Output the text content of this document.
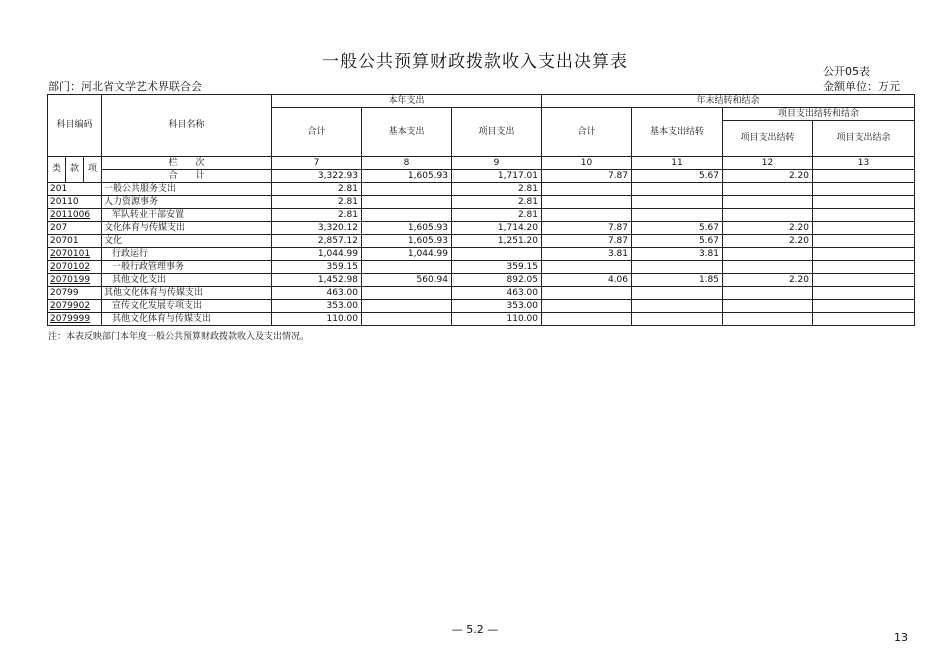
一般公共预算财政拨款收入支出决算表	公开05表
部门：河北省文学艺术界联合会	金额单位：万元
科目编码			科目名称	本年支出			年末结转和结余			
				合计	基本支出	项目支出	合计	基本支出结转	项目支出结转和结余	
									项目支出结转	项目支出结余
类	款	项	栏　　次	7	8	9	10	11	12	13
			合　　计	3,322.93	1,605.93	1,717.01	7.87	5.67	2.20	
201			一般公共服务支出	2.81		2.81				
20110			人力资源事务	2.81		2.81				
2011006			军队转业干部安置	2.81		2.81				
207			文化体育与传媒支出	3,320.12	1,605.93	1,714.20	7.87	5.67	2.20	
20701			文化	2,857.12	1,605.93	1,251.20	7.87	5.67	2.20	
2070101			行政运行	1,044.99	1,044.99		3.81	3.81		
2070102			一般行政管理事务	359.15		359.15				
2070199			其他文化支出	1,452.98	560.94	892.05	4.06	1.85	2.20	
20799			其他文化体育与传媒支出	463.00		463.00				
2079902			宣传文化发展专项支出	353.00		353.00				
2079999			其他文化体育与传媒支出	110.00		110.00				
注：本表反映部门本年度一般公共预算财政拨款收入及支出情况。
— 5.2 —
13
